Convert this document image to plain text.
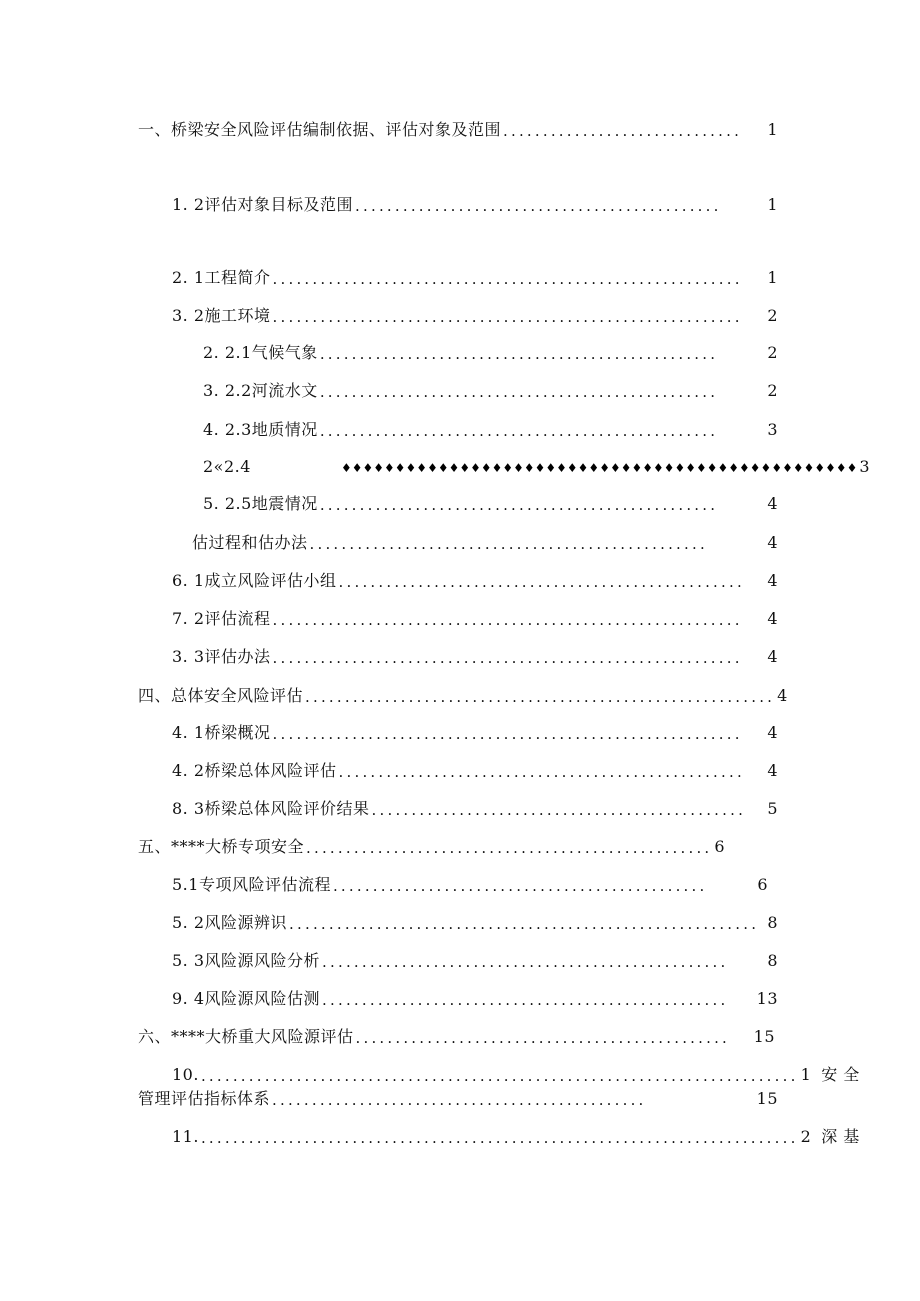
一、桥梁安全风险评估编制依据、评估对象及范围 ..............................	1
1. 2评估对象目标及范围 ..............................................	1
2. 1工程简介 ...........................................................	1
3. 2施工环境 ...........................................................	2
2. 2.1气候气象 ..................................................	2
3. 2.2河流水文 ..................................................	2
4. 2.3地质情况 ..................................................	3
2«2.4	♦♦♦♦♦♦♦♦♦♦♦♦♦♦♦♦♦♦♦♦♦♦♦♦♦♦♦♦♦♦♦♦♦♦♦♦♦♦♦♦♦♦♦♦♦♦♦♦ 3
5. 2.5地震情况 ..................................................	4
估过程和估办法 ..................................................	4
6. 1成立风险评估小组 ...................................................	4
7. 2评估流程 ...........................................................	4
3. 3评估办法 ...........................................................	4
四、总体安全风险评估 ........................................................... 4
4. 1桥梁概况 ...........................................................	4
4. 2桥梁总体风险评估 ...................................................	4
8. 3桥梁总体风险评价结果 ...............................................	5
五、****大桥专项安全 ................................................... 6
5.1专项风险评估流程 ...............................................	6
5. 2风险源辨识 ........................................................... 8
5. 3风险源风险分析 ...................................................	8
9. 4风险源风险估测 ...................................................	13
六、****大桥重大风险源评估 ...............................................	15
10. ........................................................................... 1 安全
管理评估指标体系 ...............................................	15
11. ........................................................................... 2 深基
